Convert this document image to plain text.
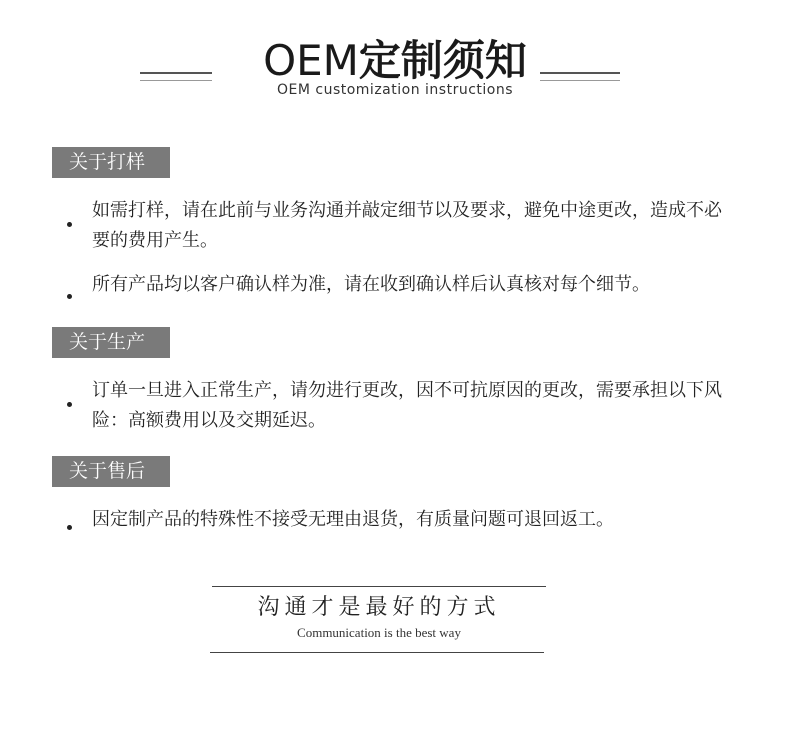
OEM定制须知
OEM customization instructions
关于打样
如需打样，请在此前与业务沟通并敲定细节以及要求，避免中途更改，造成不必要的费用产生。
所有产品均以客户确认样为准，请在收到确认样后认真核对每个细节。
关于生产
订单一旦进入正常生产，请勿进行更改，因不可抗原因的更改，需要承担以下风险：高额费用以及交期延迟。
关于售后
因定制产品的特殊性不接受无理由退货，有质量问题可退回返工。
沟通才是最好的方式
Communication is the best way
